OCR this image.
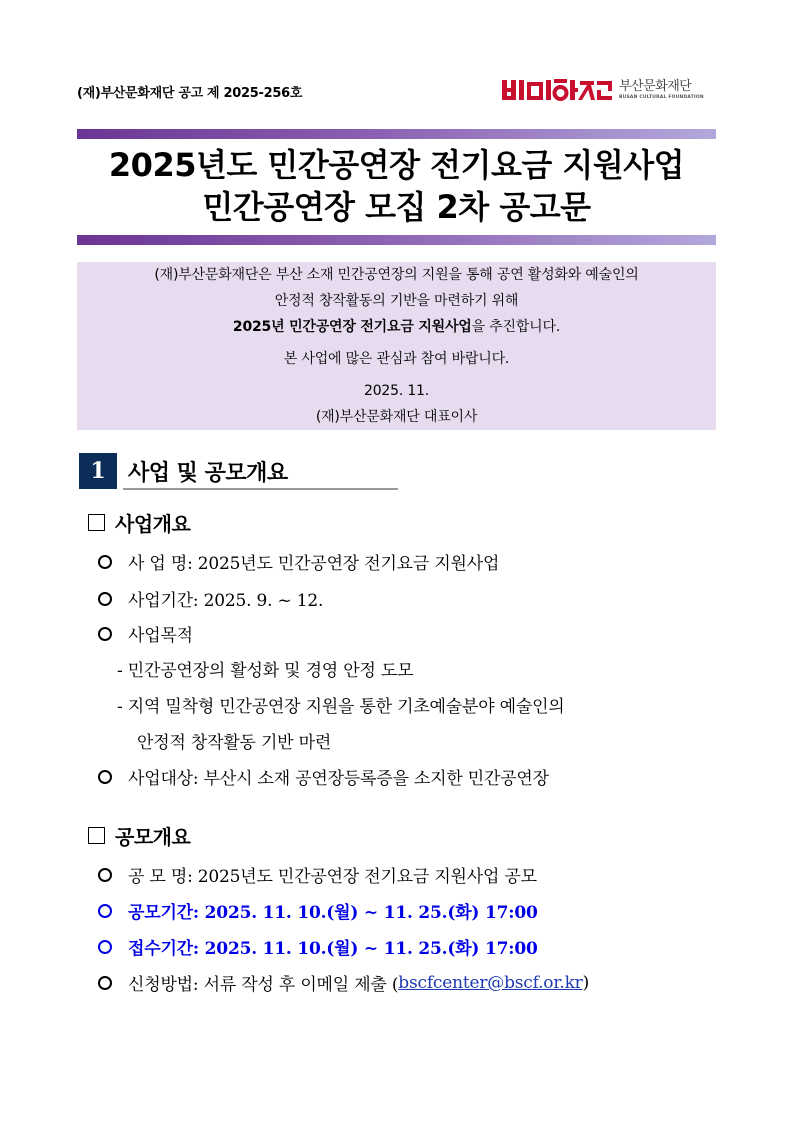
(재)부산문화재단 공고 제 2025-256호	부산문화재단
BUSAN CULTURAL FOUNDATION
2025년도 민간공연장 전기요금 지원사업
민간공연장 모집 2차 공고문

(재)부산문화재단은 부산 소재 민간공연장의 지원을 통해 공연 활성화와 예술인의

안정적 창작활동의 기반을 마련하기 위해

2025년 민간공연장 전기요금 지원사업을 추진합니다.

본 사업에 많은 관심과 참여 바랍니다.

2025. 11.

(재)부산문화재단 대표이사

1	사업 및 공모개요
사업개요
사 업 명: 2025년도 민간공연장 전기요금 지원사업
사업기간: 2025. 9. ~ 12.
사업목적
- 민간공연장의 활성화 및 경영 안정 도모
- 지역 밀착형 민간공연장 지원을 통한 기초예술분야 예술인의
안정적 창작활동 기반 마련
사업대상: 부산시 소재 공연장등록증을 소지한 민간공연장
공모개요
공 모 명: 2025년도 민간공연장 전기요금 지원사업 공모
공모기간: 2025. 11. 10.(월) ~ 11. 25.(화) 17:00
접수기간: 2025. 11. 10.(월) ~ 11. 25.(화) 17:00
신청방법: 서류 작성 후 이메일 제출 ( bscfcenter@bscf.or.kr )
